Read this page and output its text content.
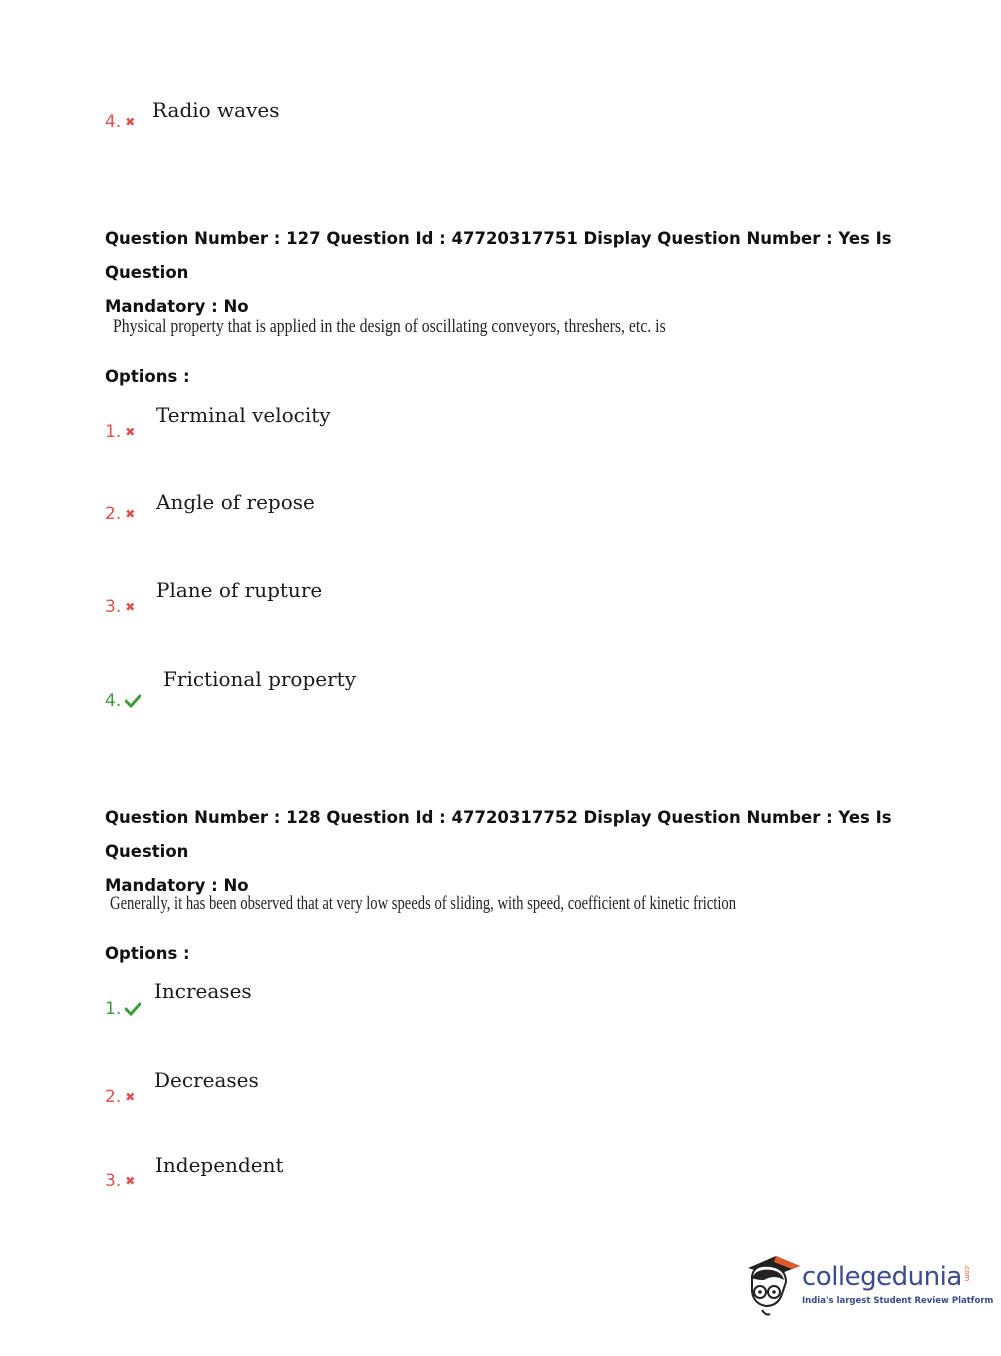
4. ✖ Radio waves
Question Number : 127 Question Id : 47720317751 Display Question Number : Yes Is Question
Mandatory : No
Physical property that is applied in the design of oscillating conveyors, threshers, etc. is
Options :
1. ✖
Terminal velocity
2. ✖ Angle of repose
3. ✖
Plane of rupture
4.
Frictional property
Question Number : 128 Question Id : 47720317752 Display Question Number : Yes Is Question
Mandatory : No
Generally, it has been observed that at very low speeds of sliding, with speed, coefficient of kinetic friction
Options :
1.
Increases
2. ✖
Decreases
3. ✖
Independent
collegedunia .com
India's largest Student Review Platform
